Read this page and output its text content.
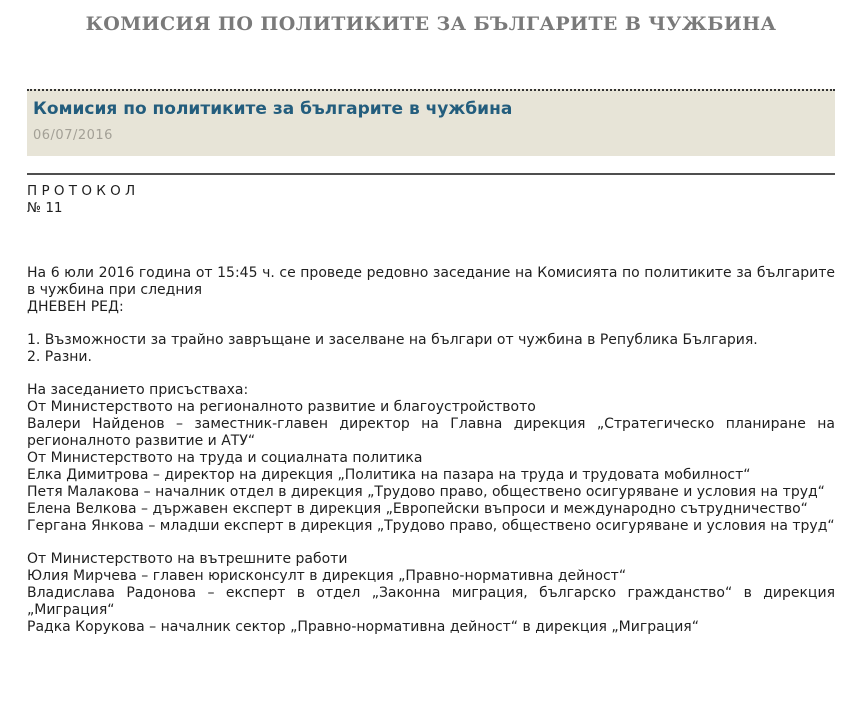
КОМИСИЯ ПО ПОЛИТИКИТЕ ЗА БЪЛГАРИТЕ В ЧУЖБИНА
Комисия по политиките за българите в чужбина
06/07/2016
П Р О Т О К О Л
№ 11

На 6 юли 2016 година от 15:45 ч. се проведе редовно заседание на Комисията по политиките за българите в чужбина при следния

ДНЕВЕН РЕД:

1. Възможности за трайно завръщане и заселване на българи от чужбина в Република България.

2. Разни.

На заседанието присъстваха:

От Министерството на регионалното развитие и благоустройството

Валери Найденов – заместник-главен директор на Главна дирекция „Стратегическо планиране на регионалното развитие и АТУ“

От Министерството на труда и социалната политика

Елка Димитрова – директор на дирекция „Политика на пазара на труда и трудовата мобилност“

Петя Малакова – началник отдел в дирекция „Трудово право, обществено осигуряване и условия на труд“

Елена Велкова – държавен експерт в дирекция „Европейски въпроси и международно сътрудничество“

Гергана Янкова – младши експерт в дирекция „Трудово право, обществено осигуряване и условия на труд“

От Министерството на вътрешните работи

Юлия Мирчева – главен юрисконсулт в дирекция „Правно-нормативна дейност“

Владислава Радонова – експерт в отдел „Законна миграция, българско гражданство“ в дирекция „Миграция“

Радка Корукова – началник сектор „Правно-нормативна дейност“ в дирекция „Миграция“
